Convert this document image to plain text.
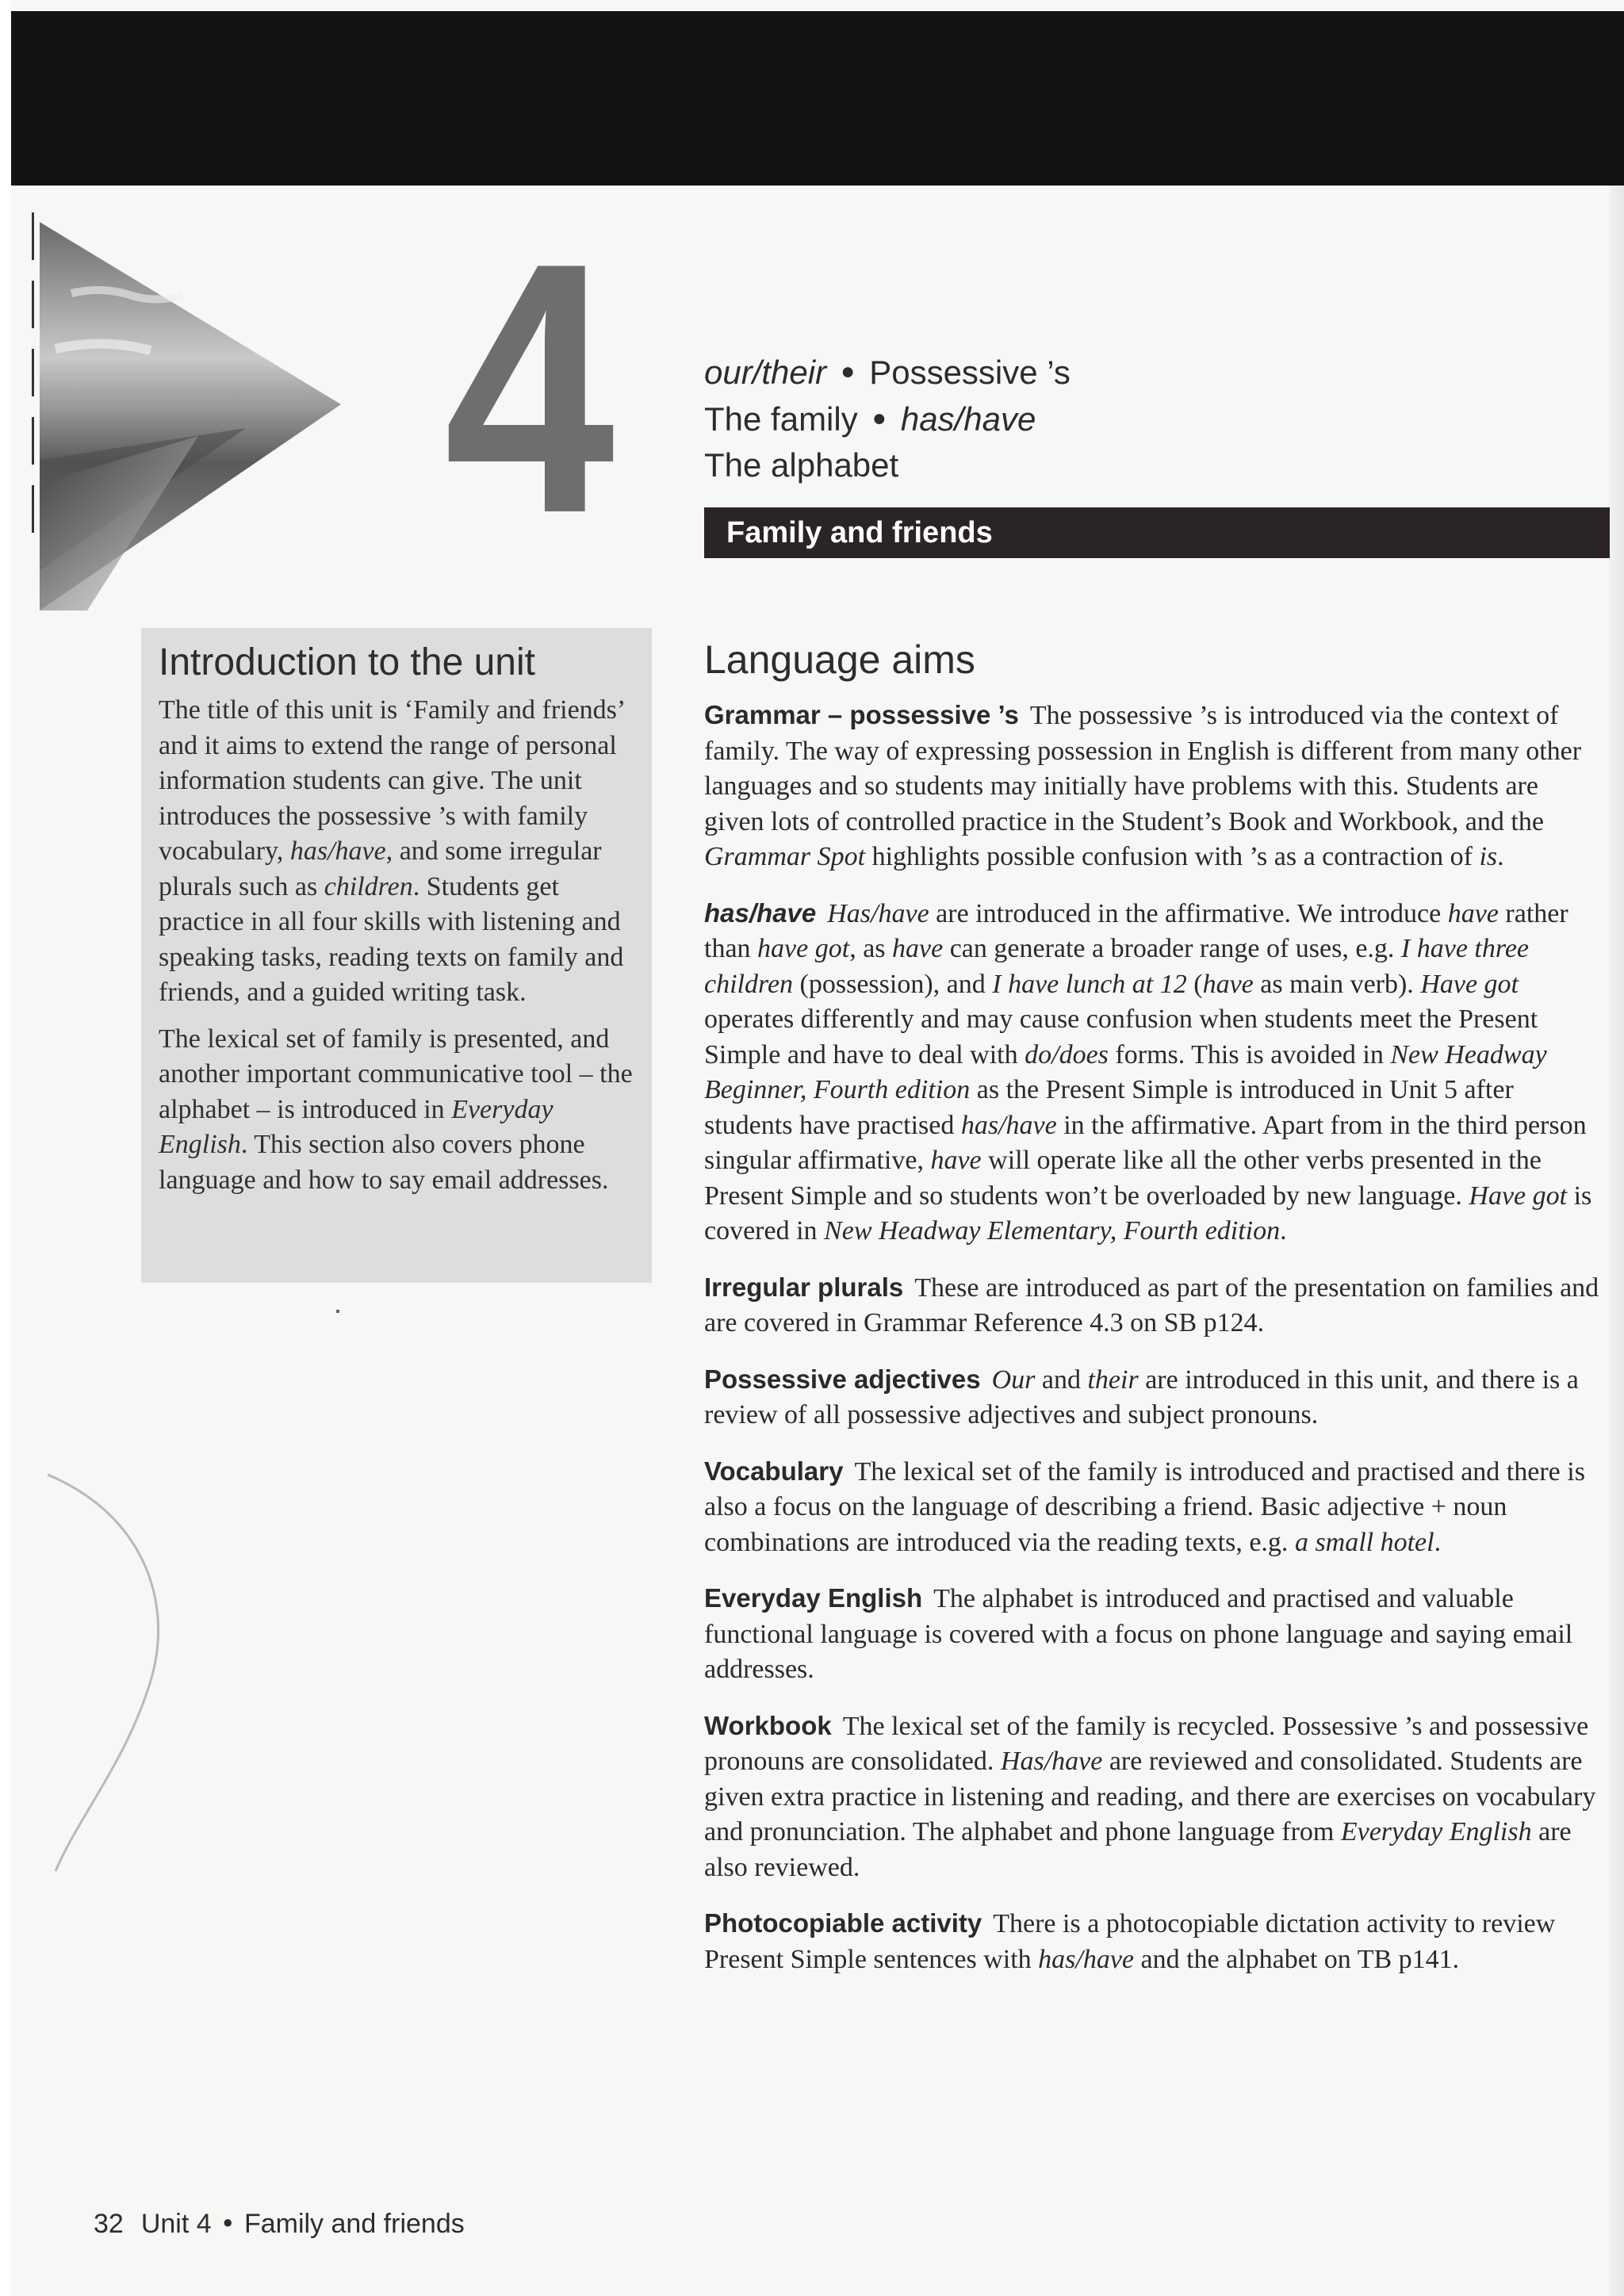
4	our/their ● Possessive ’s
The family ● has/have
The alphabet
Family and friends
Introduction to the unit

The title of this unit is ‘Family and friends’ and it aims to extend the range of personal information students can give. The unit introduces the possessive ’s with family vocabulary, has/have, and some irregular plurals such as children. Students get practice in all four skills with listening and speaking tasks, reading texts on family and friends, and a guided writing task.

The lexical set of family is presented, and another important communicative tool – the alphabet – is introduced in Everyday English. This section also covers phone language and how to say email addresses.

Language aims

Grammar – possessive ’s The possessive ’s is introduced via the context of family. The way of expressing possession in English is different from many other languages and so students may initially have problems with this. Students are given lots of controlled practice in the Student’s Book and Workbook, and the Grammar Spot highlights possible confusion with ’s as a contraction of is.

has/have Has/have are introduced in the affirmative. We introduce have rather than have got, as have can generate a broader range of uses, e.g. I have three children (possession), and I have lunch at 12 (have as main verb). Have got operates differently and may cause confusion when students meet the Present Simple and have to deal with do/does forms. This is avoided in New Headway Beginner, Fourth edition as the Present Simple is introduced in Unit 5 after students have practised has/have in the affirmative. Apart from in the third person singular affirmative, have will operate like all the other verbs presented in the Present Simple and so students won’t be overloaded by new language. Have got is covered in New Headway Elementary, Fourth edition.

Irregular plurals These are introduced as part of the presentation on families and are covered in Grammar Reference 4.3 on SB p124.

Possessive adjectives Our and their are introduced in this unit, and there is a review of all possessive adjectives and subject pronouns.

Vocabulary The lexical set of the family is introduced and practised and there is also a focus on the language of describing a friend. Basic adjective + noun combinations are introduced via the reading texts, e.g. a small hotel.

Everyday English The alphabet is introduced and practised and valuable functional language is covered with a focus on phone language and saying email addresses.

Workbook The lexical set of the family is recycled. Possessive ’s and possessive pronouns are consolidated. Has/have are reviewed and consolidated. Students are given extra practice in listening and reading, and there are exercises on vocabulary and pronunciation. The alphabet and phone language from Everyday English are also reviewed.

Photocopiable activity There is a photocopiable dictation activity to review Present Simple sentences with has/have and the alphabet on TB p141.

32 Unit 4 ● Family and friends
